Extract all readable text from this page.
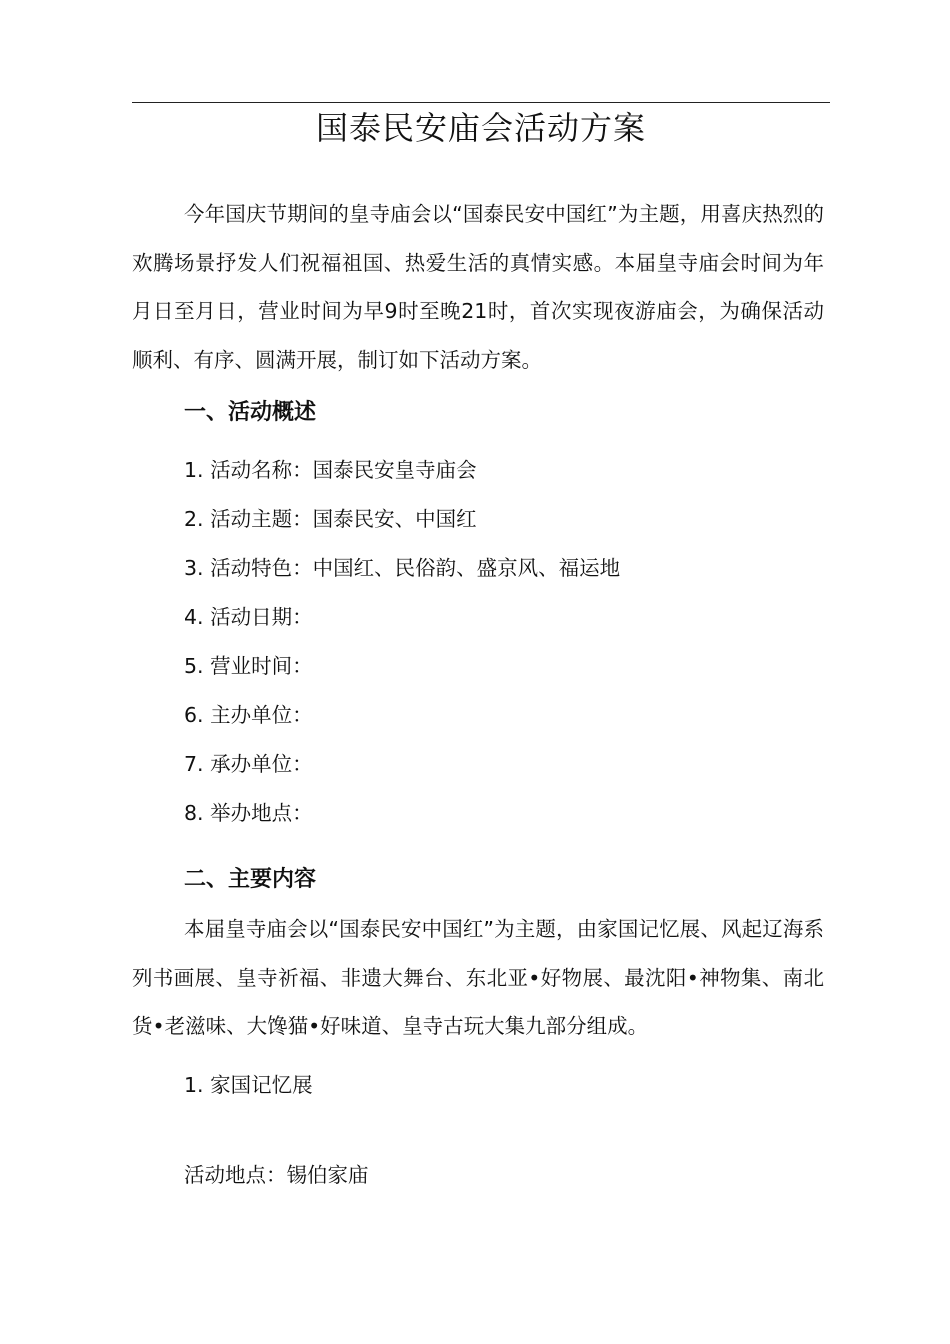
国泰民安庙会活动方案

今年国庆节期间的皇寺庙会以“国泰民安中国红”为主题，用喜庆热烈的欢腾场景抒发人们祝福祖国、热爱生活的真情实感。本届皇寺庙会时间为年月日至月日，营业时间为早9时至晚21时，首次实现夜游庙会，为确保活动顺利、有序、圆满开展，制订如下活动方案。

一、活动概述

1. 活动名称：国泰民安皇寺庙会

2. 活动主题：国泰民安、中国红

3. 活动特色：中国红、民俗韵、盛京风、福运地

4. 活动日期：

5. 营业时间：

6. 主办单位：

7. 承办单位：

8. 举办地点：

二、主要内容

本届皇寺庙会以“国泰民安中国红”为主题，由家国记忆展、风起辽海系列书画展、皇寺祈福、非遗大舞台、东北亚•好物展、最沈阳•神物集、南北货•老滋味、大馋猫•好味道、皇寺古玩大集九部分组成。

1. 家国记忆展

活动地点：锡伯家庙
